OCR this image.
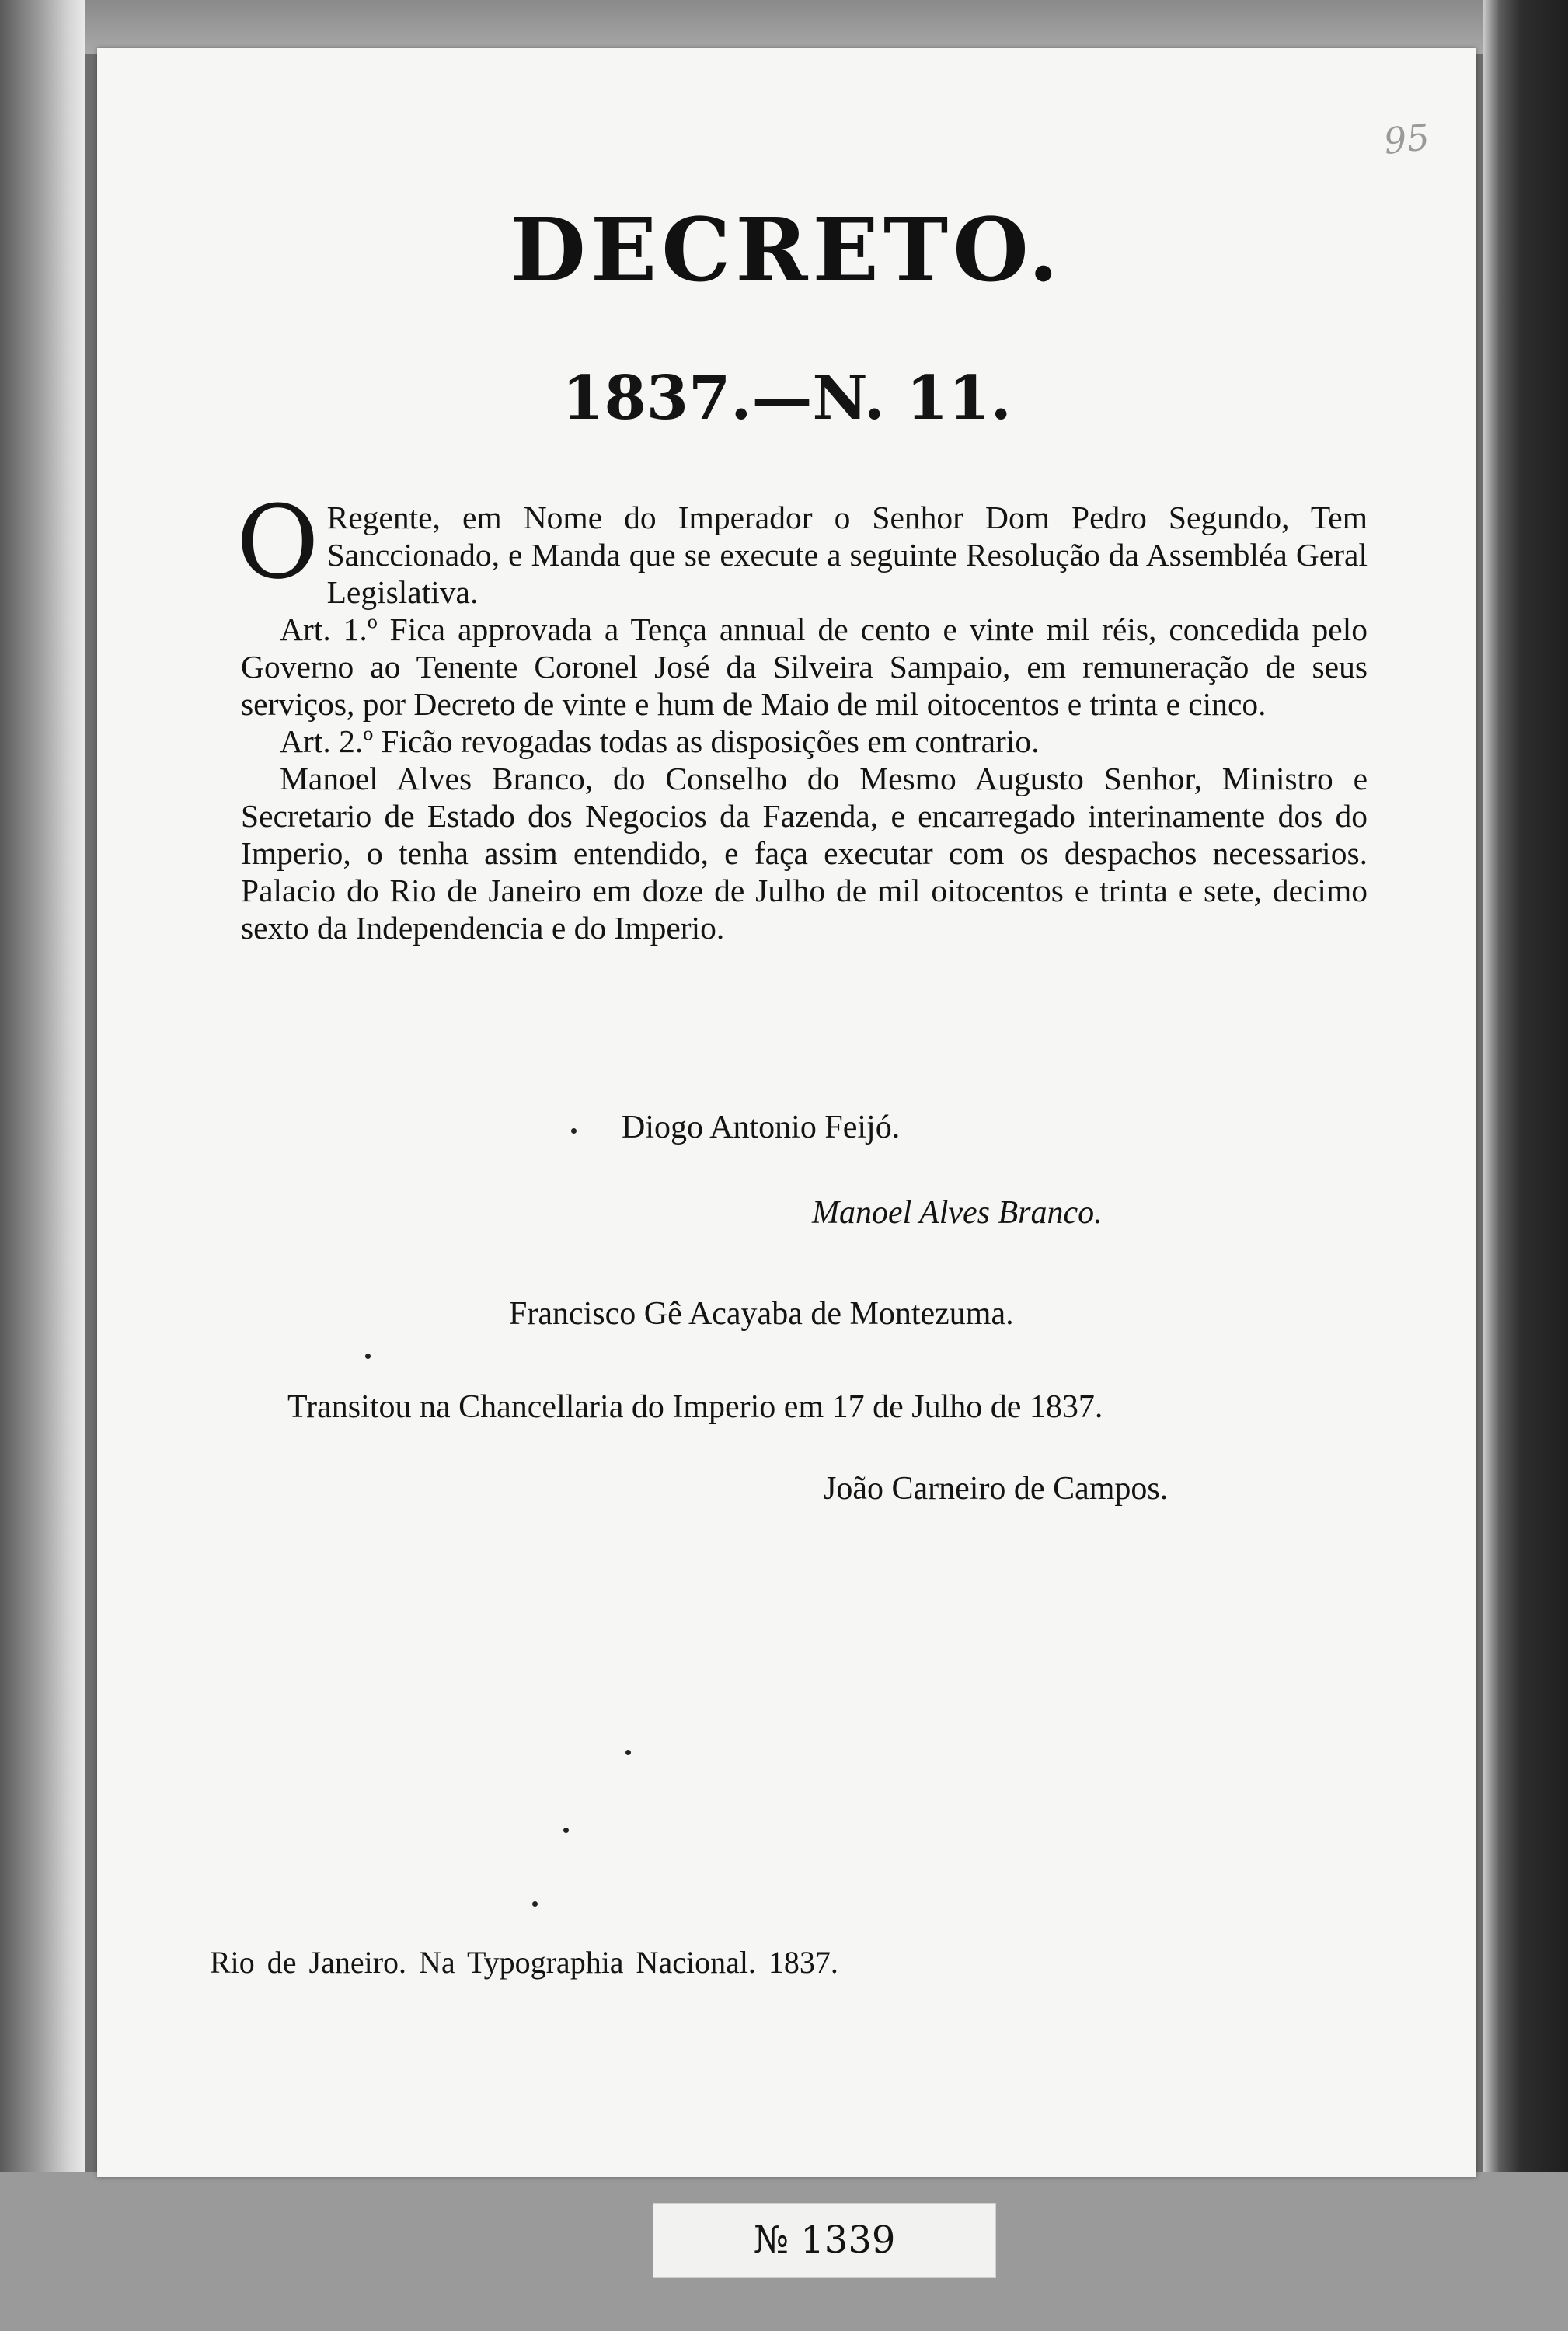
95
DECRETO.
1837.—N. 11.

O Regente, em Nome do Imperador o Senhor Dom Pedro Segundo, Tem Sanccionado, e Manda que se execute a seguinte Resolução da Assembléa Geral Legislativa.

Art. 1.º Fica approvada a Tença annual de cento e vinte mil réis, concedida pelo Governo ao Tenente Coronel José da Silveira Sampaio, em remuneração de seus serviços, por Decreto de vinte e hum de Maio de mil oitocentos e trinta e cinco.

Art. 2.º Ficão revogadas todas as disposições em contrario.

Manoel Alves Branco, do Conselho do Mesmo Augusto Senhor, Ministro e Secretario de Estado dos Negocios da Fazenda, e encarregado interinamente dos do Imperio, o tenha assim entendido, e faça executar com os despachos necessarios. Palacio do Rio de Janeiro em doze de Julho de mil oitocentos e trinta e sete, decimo sexto da Independencia e do Imperio.

Diogo Antonio Feijó.
Manoel Alves Branco.
Francisco Gê Acayaba de Montezuma.
Transitou na Chancellaria do Imperio em 17 de Julho de 1837.
João Carneiro de Campos.
Rio de Janeiro. Na Typographia Nacional. 1837.
№ 1339
